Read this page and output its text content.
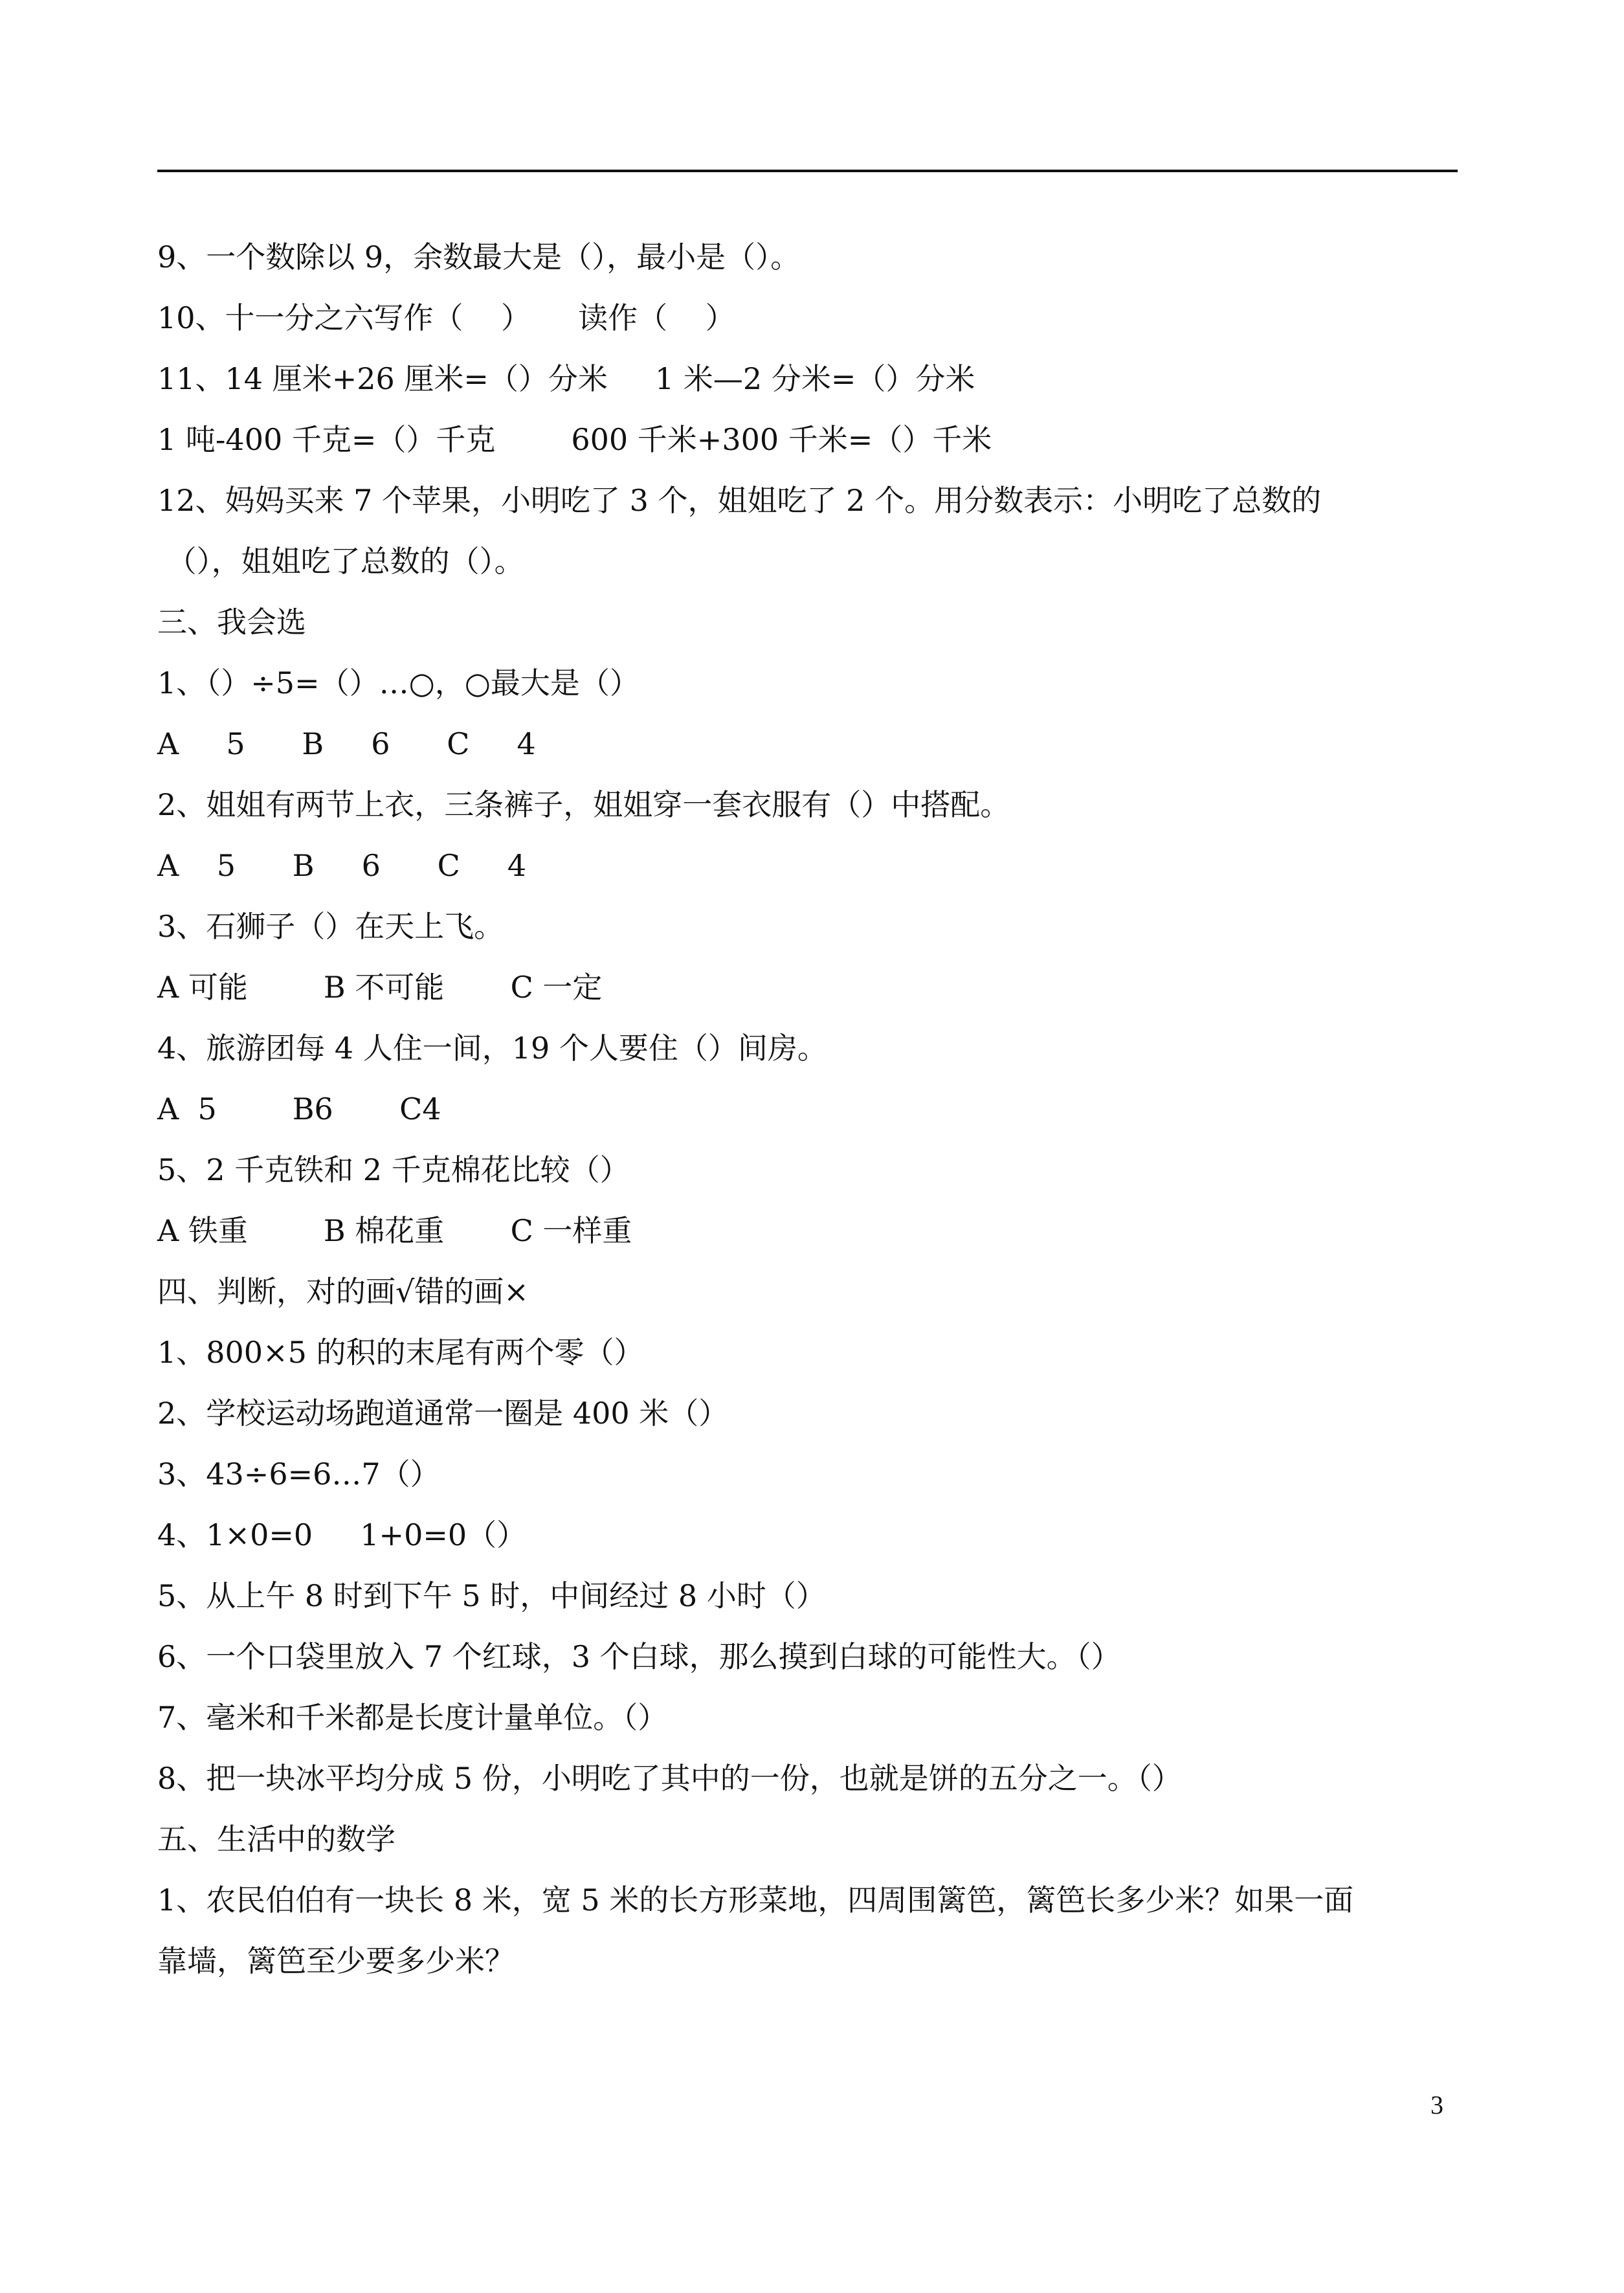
9、一个数除以 9，余数最大是（），最小是（）。
10、十一分之六写作（    ）     读作（    ）
11、14 厘米+26 厘米=（）分米     1 米—2 分米=（）分米
1 吨-400 千克=（）千克        600 千米+300 千米=（）千米
12、妈妈买来 7 个苹果，小明吃了 3 个，姐姐吃了 2 个。用分数表示：小明吃了总数的
（），姐姐吃了总数的（）。
三、我会选
1、（）÷5=（）…○，○最大是（）
A     5      B     6      C     4
2、姐姐有两节上衣，三条裤子，姐姐穿一套衣服有（）中搭配。
A    5      B     6      C     4
3、石狮子（）在天上飞。
A 可能        B 不可能       C 一定
4、旅游团每 4 人住一间，19 个人要住（）间房。
A  5        B6       C4
5、2 千克铁和 2 千克棉花比较（）
A 铁重        B 棉花重       C 一样重
四、判断，对的画√错的画×
1、800×5 的积的末尾有两个零（）
2、学校运动场跑道通常一圈是 400 米（）
3、43÷6=6…7（）
4、1×0=0     1+0=0（）
5、从上午 8 时到下午 5 时，中间经过 8 小时（）
6、一个口袋里放入 7 个红球，3 个白球，那么摸到白球的可能性大。（）
7、毫米和千米都是长度计量单位。（）
8、把一块冰平均分成 5 份，小明吃了其中的一份，也就是饼的五分之一。（）
五、生活中的数学
1、农民伯伯有一块长 8 米，宽 5 米的长方形菜地，四周围篱笆，篱笆长多少米？如果一面
靠墙，篱笆至少要多少米？
3
